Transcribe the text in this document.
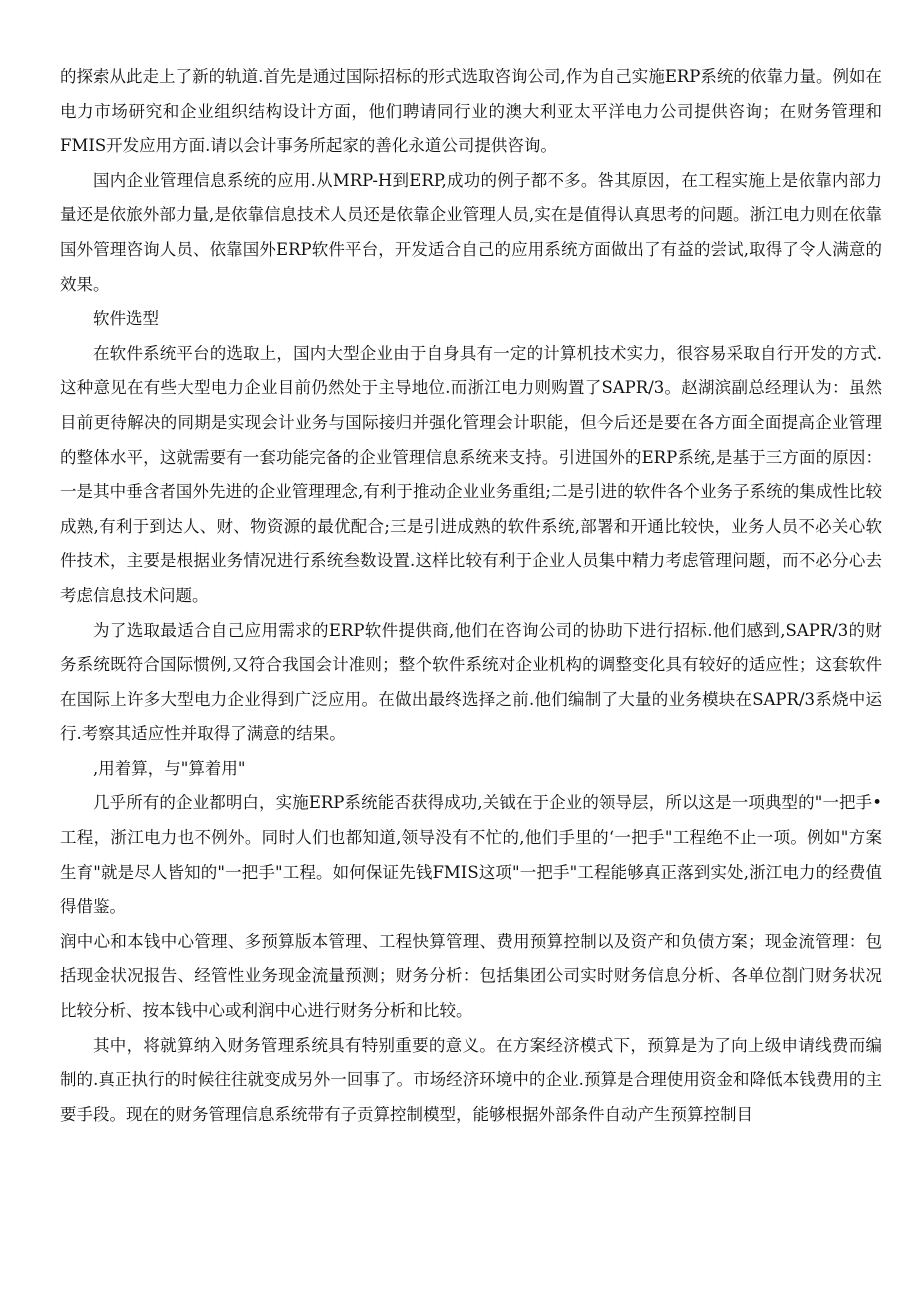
的探索从此走上了新的轨道.首先是通过国际招标的形式选取咨询公司,作为自己实施ERP系统的依靠力量。例如在电力市场研究和企业组织结构设计方面，他们聘请同行业的澳大利亚太平洋电力公司提供咨询；在财务管理和FMIS开发应用方面.请以会计事务所起家的善化永道公司提供咨询。

国内企业管理信息系统的应用.从MRP-H到ERP,成功的例子都不多。咎其原因，在工程实施上是依靠内部力量还是依旅外部力量,是依靠信息技术人员还是依靠企业管理人员,实在是值得认真思考的问题。浙江电力则在依靠国外管理咨询人员、依靠国外ERP软件平台，开发适合自己的应用系统方面做出了有益的尝试,取得了令人满意的效果。

软件选型

在软件系统平台的选取上，国内大型企业由于自身具有一定的计算机技术实力，很容易采取自行开发的方式.这种意见在有些大型电力企业目前仍然处于主导地位.而浙江电力则购置了SAPR/3。赵湖滨副总经理认为：虽然目前更待解决的同期是实现会计业务与国际接归并强化管理会计职能，但今后还是要在各方面全面提高企业管理的整体水平，这就需要有一套功能完备的企业管理信息系统来支持。引进国外的ERP系统,是基于三方面的原因：一是其中垂含者国外先进的企业管理理念,有利于推动企业业务重组;二是引进的软件各个业务子系统的集成性比较成熟,有利于到达人、财、物资源的最优配合;三是引进成熟的软件系统,部署和开通比较快，业务人员不必关心软件技术，主要是根据业务情况进行系统叁数设置.这样比较有利于企业人员集中精力考虑管理问题，而不必分心去考虑信息技术问题。

为了选取最适合自己应用需求的ERP软件提供商,他们在咨询公司的协助下进行招标.他们感到,SAPR/3的财务系统既符合国际惯例,又符合我国会计准则；整个软件系统对企业机构的调整变化具有较好的适应性；这套软件在国际上许多大型电力企业得到广泛应用。在做出最终选择之前.他们编制了大量的业务模块在SAPR/3系烧中运行.考察其适应性并取得了满意的结果。

,用着算，与"算着用"

几乎所有的企业都明白，实施ERP系统能否获得成功,关钺在于企业的领导层，所以这是一项典型的"一把手•工程，浙江电力也不例外。同时人们也都知道,领导没有不忙的,他们手里的‘一把手"工程绝不止一项。例如"方案生育"就是尽人皆知的"一把手"工程。如何保证先钱FMIS这项"一把手"工程能够真正落到实处,浙江电力的经费值得借鉴。

润中心和本钱中心管理、多预算版本管理、工程快算管理、费用预算控制以及资产和负债方案；现金流管理：包括现金状况报告、经管性业务现金流量预测；财务分析：包括集团公司实时财务信息分析、各单位剳门财务状况比较分析、按本钱中心或利润中心进行财务分析和比较。

其中，将就算纳入财务管理系统具有特别重要的意义。在方案经济模式下，预算是为了向上级申请线费而编制的.真正执行的时候往往就变成另外一回事了。市场经济环境中的企业.预算是合理使用资金和降低本钱费用的主要手段。现在的财务管理信息系统带有子贡算控制模型，能够根据外部条件自动产生预算控制目
